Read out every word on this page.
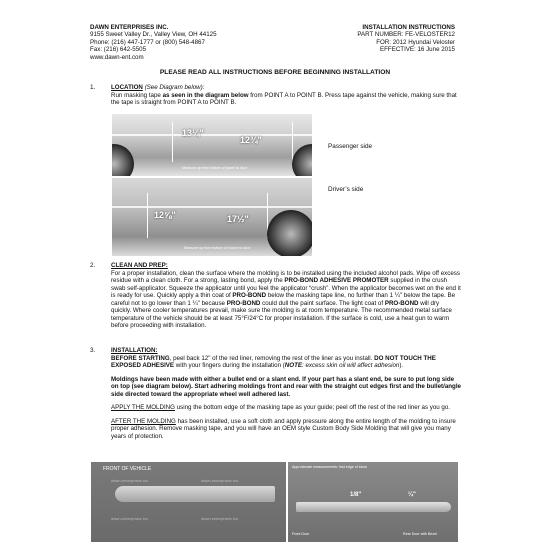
DAWN ENTERPRISES INC.
9155 Sweet Valley Dr., Valley View, OH 44125
Phone: (216) 447-1777 or (800) 548-4867
Fax: (216) 642-5505
www.dawn-ent.com
INSTALLATION INSTRUCTIONS
PART NUMBER: FE-VELOSTER12
FOR: 2012 Hyundai Veloster
EFFECTIVE: 16 June 2015
PLEASE READ ALL INSTRUCTIONS BEFORE BEGINNING INSTALLATION
1.	LOCATION (See Diagram below):
Run masking tape as seen in the diagram below from POINT A to POINT B. Press tape against the vehicle, making sure that the tape is straight from POINT A to POINT B.
13¼"
12¾"
Measure up from bottom of panel to door
Passenger side
12⅝"	17½"
Measure up from bottom of rocker to door
Driver’s side
2.	CLEAN AND PREP:
For a proper installation, clean the surface where the molding is to be installed using the included alcohol pads. Wipe off excess residue with a clean cloth. For a strong, lasting bond, apply the PRO-BOND ADHESIVE PROMOTER supplied in the crush swab self-applicator. Squeeze the applicator until you feel the applicator “crush”. When the applicator becomes wet on the end it is ready for use. Quickly apply a thin coat of PRO-BOND below the masking tape line, no further than 1 ¼" below the tape. Be careful not to go lower than 1 ¼" because PRO-BOND could dull the paint surface. The light coat of PRO-BOND will dry quickly. Where cooler temperatures prevail, make sure the molding is at room temperature. The recommended metal surface temperature of the vehicle should be at least 75°F/24°C for proper installation. If the surface is cold, use a heat gun to warm before proceeding with installation.
3.	INSTALLATION:

BEFORE STARTING, peel back 12" of the red liner, removing the rest of the liner as you install. DO NOT TOUCH THE EXPOSED ADHESIVE with your fingers during the installation (NOTE: excess skin oil will affect adhesion).

Moldings have been made with either a bullet end or a slant end. If your part has a slant end, be sure to put long side on top (see diagram below). Start adhering moldings front and rear with the straight cut edges first and the bullet/angle side directed toward the appropriate wheel well adhered last.

APPLY THE MOLDING using the bottom edge of the masking tape as your guide; peel off the rest of the red liner as you go.

AFTER THE MOLDING has been installed, use a soft cloth and apply pressure along the entire length of the molding to insure proper adhesion. Remove masking tape, and you will have an OEM style Custom Body Side Molding that will give you many years of protection.

FRONT OF VEHICLE
dawn-enterprises inc.	dawn-enterprises inc.
dawn-enterprises inc.	dawn-enterprises inc.
Approximate measurements: first edge of block
1/8"	¼"
Front Door	Rear Door with Bezel
